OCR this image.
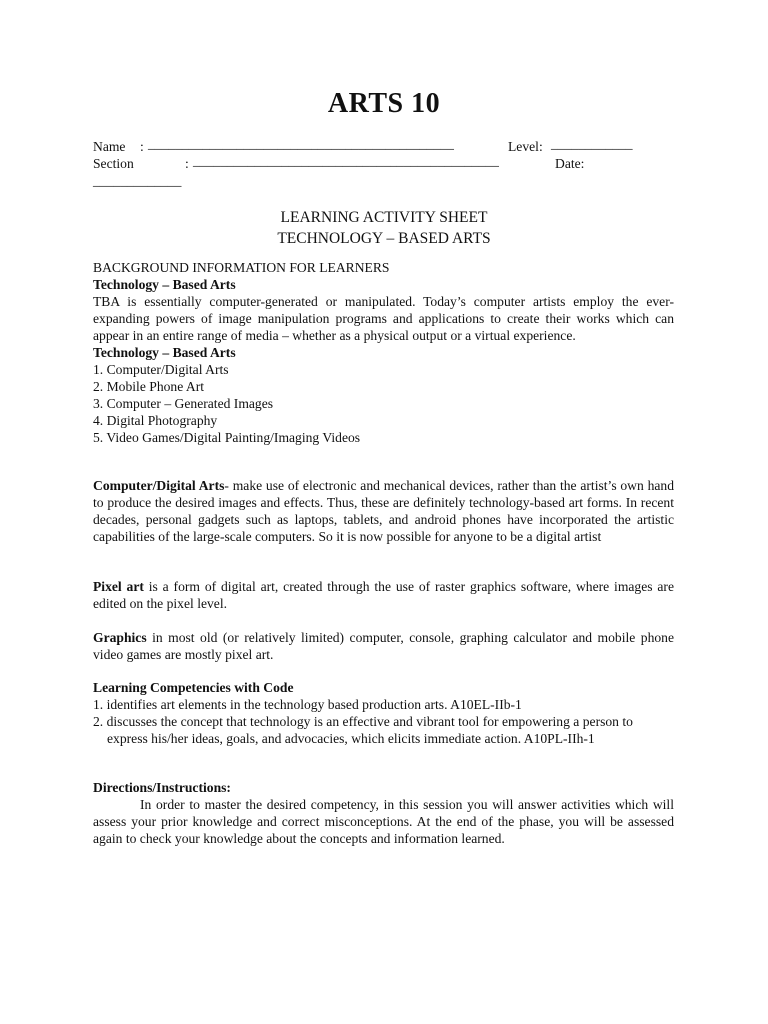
ARTS 10
Name : _____________________________________________	Level: ____________
Section	: _____________________________________________	Date:
_____________
LEARNING ACTIVITY SHEET
TECHNOLOGY – BASED ARTS
BACKGROUND INFORMATION FOR LEARNERS
Technology – Based Arts
TBA is essentially computer-generated or manipulated. Today’s computer artists employ the ever-expanding powers of image manipulation programs and applications to create their works which can appear in an entire range of media – whether as a physical output or a virtual experience.
Technology – Based Arts
1. Computer/Digital Arts
2. Mobile Phone Art
3. Computer – Generated Images
4. Digital Photography
5. Video Games/Digital Painting/Imaging Videos
Computer/Digital Arts- make use of electronic and mechanical devices, rather than the artist’s own hand to produce the desired images and effects. Thus, these are definitely technology-based art forms. In recent decades, personal gadgets such as laptops, tablets, and android phones have incorporated the artistic capabilities of the large-scale computers. So it is now possible for anyone to be a digital artist
Pixel art is a form of digital art, created through the use of raster graphics software, where images are edited on the pixel level.
Graphics in most old (or relatively limited) computer, console, graphing calculator and mobile phone video games are mostly pixel art.
Learning Competencies with Code
1. identifies art elements in the technology based production arts. A10EL-IIb-1
2. discusses the concept that technology is an effective and vibrant tool for empowering a person to express his/her ideas, goals, and advocacies, which elicits immediate action. A10PL-IIh-1
Directions/Instructions:
In order to master the desired competency, in this session you will answer activities which will assess your prior knowledge and correct misconceptions. At the end of the phase, you will be assessed again to check your knowledge about the concepts and information learned.
